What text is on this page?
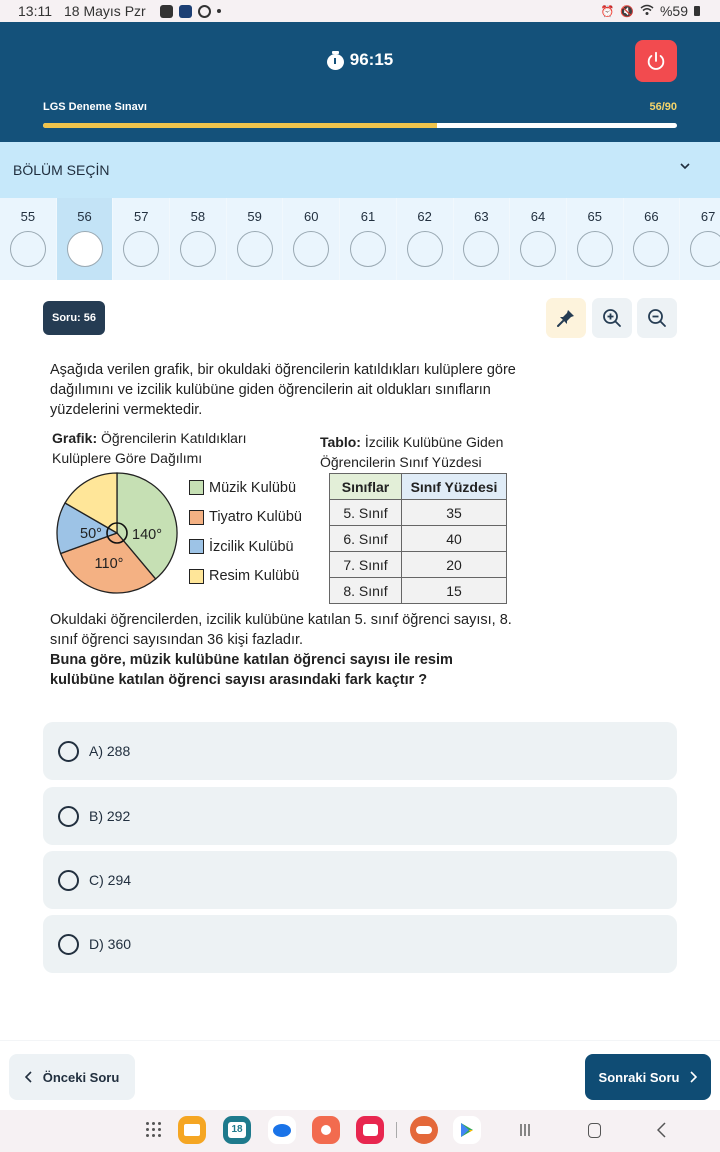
13:11 18 Mayıs Pzr	⏰ 🔇 %59
96:15
LGS Deneme Sınavı	56/90
BÖLÜM SEÇİN
55	56	57	58	59	60	61	62	63	64	65	66	67
Soru: 56
Aşağıda verilen grafik, bir okuldaki öğrencilerin katıldıkları kulüplere göre dağılımını ve izcilik kulübüne giden öğrencilerin ait oldukları sınıfların yüzdelerini vermektedir.
Grafik: Öğrencilerin Katıldıkları Kulüplere Göre Dağılımı
Tablo: İzcilik Kulübüne Giden Öğrencilerin Sınıf Yüzdesi
140°
110°
50°
Müzik Kulübü
Tiyatro Kulübü
İzcilik Kulübü
Resim Kulübü
Sınıflar	Sınıf Yüzdesi
5. Sınıf	35
6. Sınıf	40
7. Sınıf	20
8. Sınıf	15
Okuldaki öğrencilerden, izcilik kulübüne katılan 5. sınıf öğrenci sayısı, 8. sınıf öğrenci sayısından 36 kişi fazladır.
Buna göre, müzik kulübüne katılan öğrenci sayısı ile resim kulübüne katılan öğrenci sayısı arasındaki fark kaçtır ?
A) 288
B) 292
C) 294
D) 360
Önceki Soru	Sonraki Soru
18
